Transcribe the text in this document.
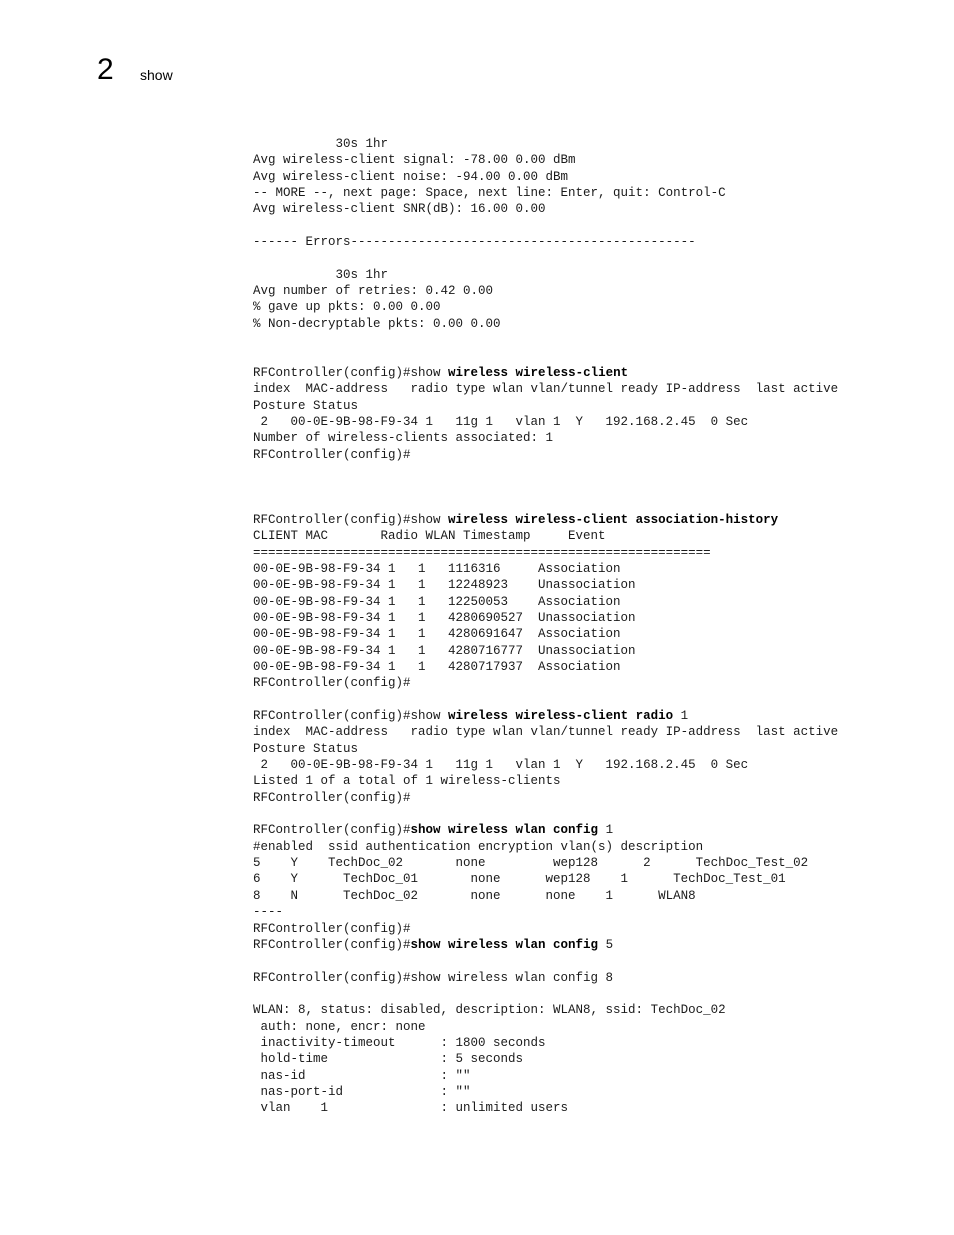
2 show
30s 1hr
Avg wireless-client signal: -78.00 0.00 dBm
Avg wireless-client noise: -94.00 0.00 dBm
-- MORE --, next page: Space, next line: Enter, quit: Control-C
Avg wireless-client SNR(dB): 16.00 0.00
------ Errors----------------------------------------------
30s 1hr
Avg number of retries: 0.42 0.00
% gave up pkts: 0.00 0.00
% Non-decryptable pkts: 0.00 0.00
RFController(config)#show wireless wireless-client
index  MAC-address   radio type wlan vlan/tunnel ready IP-address  last active
Posture Status
2   00-0E-9B-98-F9-34 1   11g 1   vlan 1  Y   192.168.2.45  0 Sec
Number of wireless-clients associated: 1
RFController(config)#
RFController(config)#show wireless wireless-client association-history
CLIENT MAC       Radio WLAN Timestamp     Event
=============================================================
00-0E-9B-98-F9-34 1   1   1116316     Association
00-0E-9B-98-F9-34 1   1   12248923    Unassociation
00-0E-9B-98-F9-34 1   1   12250053    Association
00-0E-9B-98-F9-34 1   1   4280690527  Unassociation
00-0E-9B-98-F9-34 1   1   4280691647  Association
00-0E-9B-98-F9-34 1   1   4280716777  Unassociation
00-0E-9B-98-F9-34 1   1   4280717937  Association
RFController(config)#
RFController(config)#show wireless wireless-client radio 1
index  MAC-address   radio type wlan vlan/tunnel ready IP-address  last active
Posture Status
2   00-0E-9B-98-F9-34 1   11g 1   vlan 1  Y   192.168.2.45  0 Sec
Listed 1 of a total of 1 wireless-clients
RFController(config)#
RFController(config)#show wireless wlan config 1
#enabled  ssid authentication encryption vlan(s) description
5    Y    TechDoc_02       none         wep128      2      TechDoc_Test_02
6    Y      TechDoc_01       none      wep128    1      TechDoc_Test_01
8    N      TechDoc_02       none      none    1      WLAN8
----
RFController(config)#
RFController(config)#show wireless wlan config 5
RFController(config)#show wireless wlan config 8
WLAN: 8, status: disabled, description: WLAN8, ssid: TechDoc_02
auth: none, encr: none
inactivity-timeout      : 1800 seconds
hold-time               : 5 seconds
nas-id                  : ""
nas-port-id             : ""
vlan    1               : unlimited users
